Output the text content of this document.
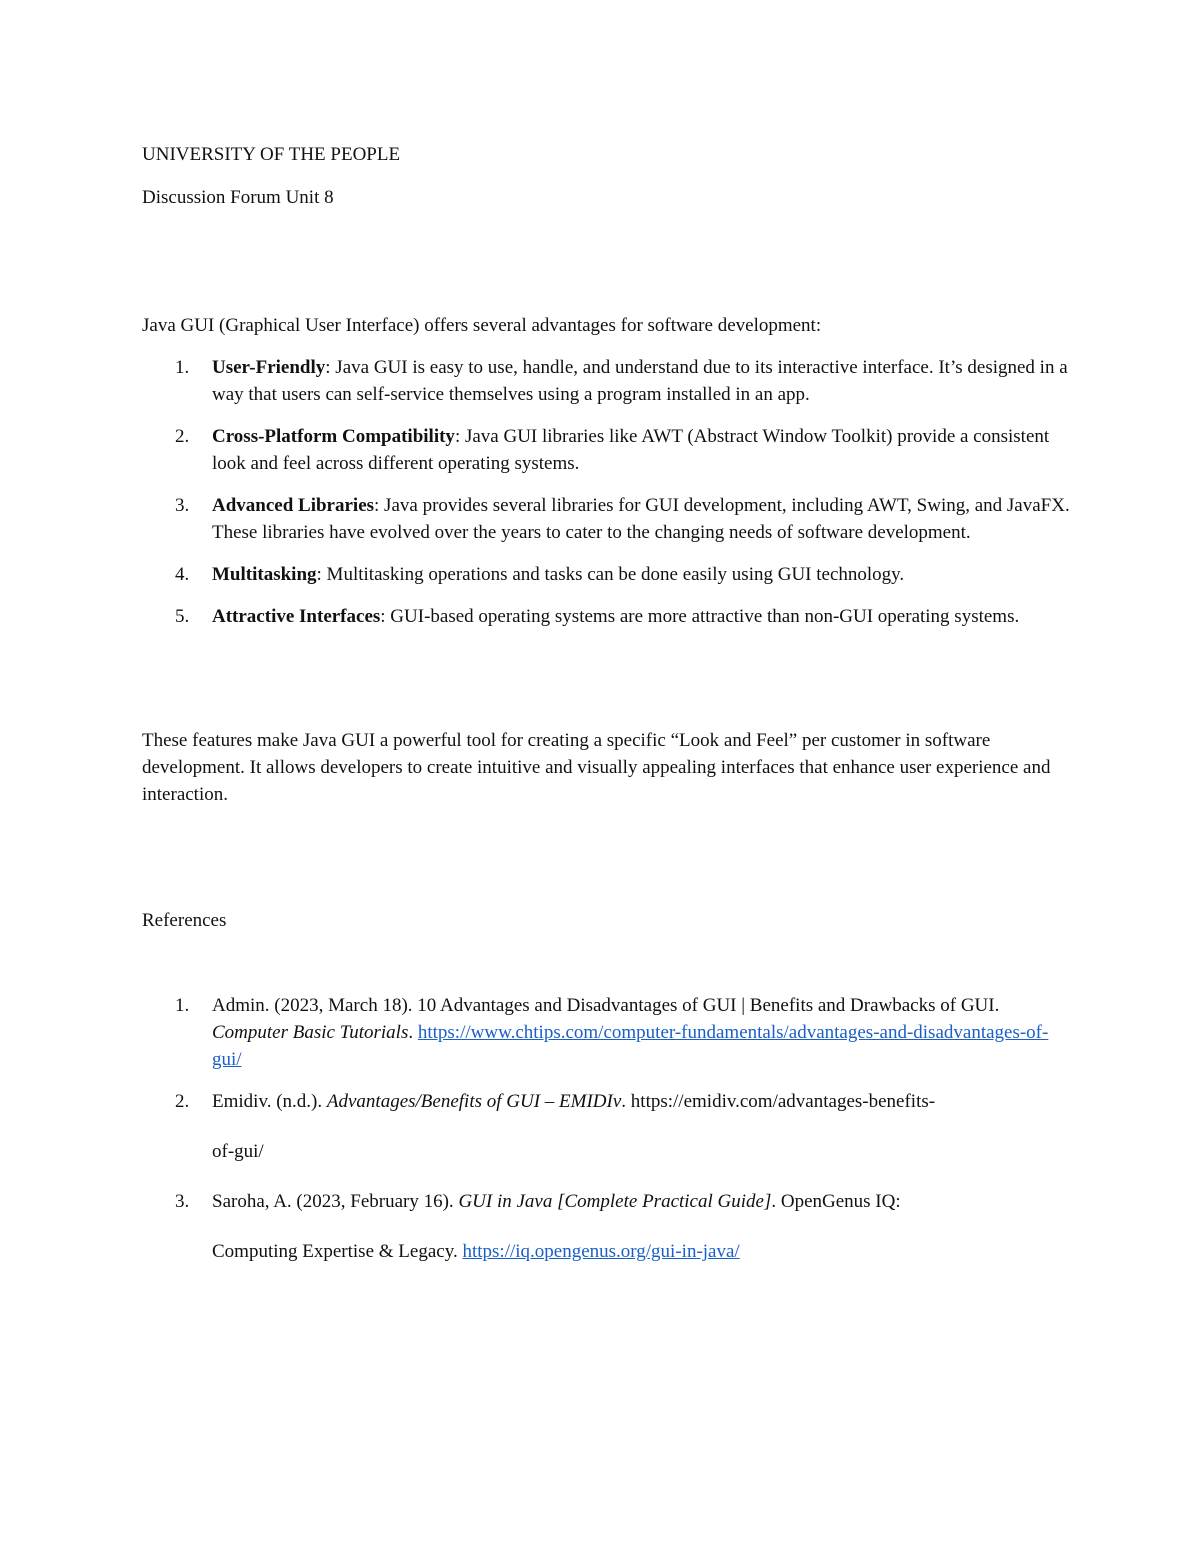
UNIVERSITY OF THE PEOPLE
Discussion Forum Unit 8
Java GUI (Graphical User Interface) offers several advantages for software development:
1. User-Friendly: Java GUI is easy to use, handle, and understand due to its interactive interface. It’s designed in a way that users can self-service themselves using a program installed in an app.
2. Cross-Platform Compatibility: Java GUI libraries like AWT (Abstract Window Toolkit) provide a consistent look and feel across different operating systems.
3. Advanced Libraries: Java provides several libraries for GUI development, including AWT, Swing, and JavaFX. These libraries have evolved over the years to cater to the changing needs of software development.
4. Multitasking: Multitasking operations and tasks can be done easily using GUI technology.
5. Attractive Interfaces: GUI-based operating systems are more attractive than non-GUI operating systems.
These features make Java GUI a powerful tool for creating a specific “Look and Feel” per customer in software development. It allows developers to create intuitive and visually appealing interfaces that enhance user experience and interaction.
References
1. Admin. (2023, March 18). 10 Advantages and Disadvantages of GUI | Benefits and Drawbacks of GUI. Computer Basic Tutorials. https://www.chtips.com/computer-fundamentals/advantages-and-disadvantages-of-gui/
2. Emidiv. (n.d.). Advantages/Benefits of GUI – EMIDIv. https://emidiv.com/advantages-benefits-
of-gui/
3. Saroha, A. (2023, February 16). GUI in Java [Complete Practical Guide]. OpenGenus IQ:
Computing Expertise & Legacy. https://iq.opengenus.org/gui-in-java/
